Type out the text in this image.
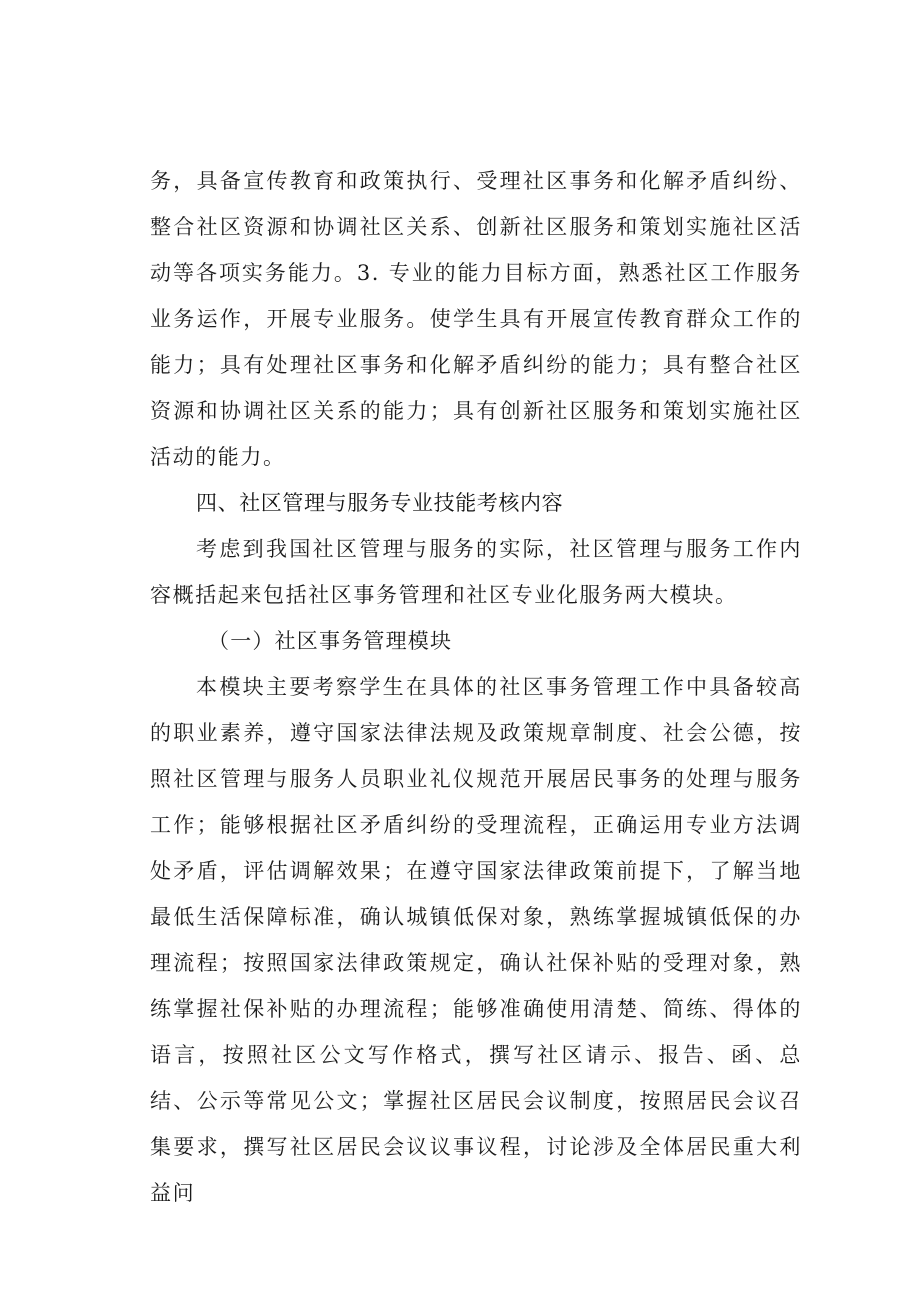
务，具备宣传教育和政策执行、受理社区事务和化解矛盾纠纷、整合社区资源和协调社区关系、创新社区服务和策划实施社区活动等各项实务能力。3. 专业的能力目标方面，熟悉社区工作服务业务运作，开展专业服务。使学生具有开展宣传教育群众工作的能力；具有处理社区事务和化解矛盾纠纷的能力；具有整合社区资源和协调社区关系的能力；具有创新社区服务和策划实施社区活动的能力。

四、社区管理与服务专业技能考核内容

考虑到我国社区管理与服务的实际，社区管理与服务工作内容概括起来包括社区事务管理和社区专业化服务两大模块。

（一）社区事务管理模块

本模块主要考察学生在具体的社区事务管理工作中具备较高的职业素养，遵守国家法律法规及政策规章制度、社会公德，按照社区管理与服务人员职业礼仪规范开展居民事务的处理与服务工作；能够根据社区矛盾纠纷的受理流程，正确运用专业方法调处矛盾，评估调解效果；在遵守国家法律政策前提下，了解当地最低生活保障标准，确认城镇低保对象，熟练掌握城镇低保的办理流程；按照国家法律政策规定，确认社保补贴的受理对象，熟练掌握社保补贴的办理流程；能够准确使用清楚、简练、得体的语言，按照社区公文写作格式，撰写社区请示、报告、函、总结、公示等常见公文；掌握社区居民会议制度，按照居民会议召集要求，撰写社区居民会议议事议程，讨论涉及全体居民重大利益问
